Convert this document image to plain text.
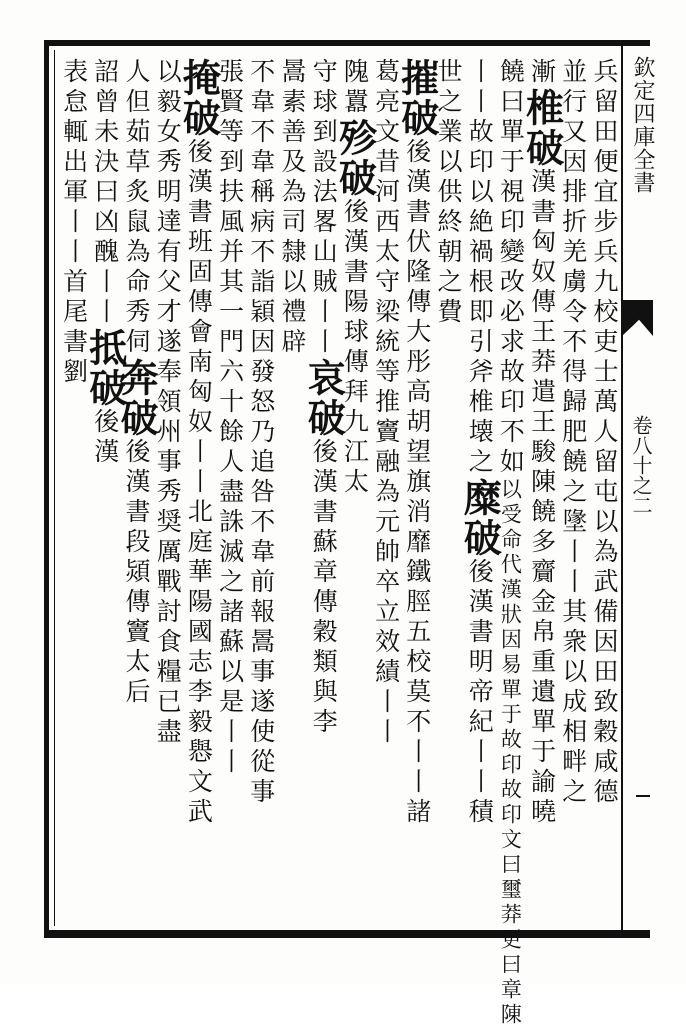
欽定四庫全書
卷八十之二
兵留田便宜步兵九校吏士萬人留屯以為武備因田致穀咸德
並行又因排折羌虜令不得歸肥饒之墬丨丨其衆以成相畔之
漸椎破漢書匈奴傳王莽遣王駿陳饒多齎金帛重遺單于諭曉
饒曰單于視印變改必求故印不如以受命代漢狀因易單于故印故印文曰璽莽更曰章陳
丨丨故印以絶禍根即引斧椎壊之糜破後漢書明帝紀丨丨積
世之業以供終朝之費
摧破後漢書伏隆傳大彤高胡望旗消靡鐵脛五校莫不丨丨諸
葛亮文昔河西太守梁統等推竇融為元帥卒立效績丨丨
隗囂殄破後漢書陽球傳拜九江太
守球到設法畧山賊丨丨哀破後漢書蘇章傳穀類與李
暠素善及為司隸以禮辟
不韋不韋稱病不詣穎因發怒乃追咎不韋前報暠事遂使從事
張賢等到扶風并其一門六十餘人盡誅滅之諸蘇以是丨丨
掩破後漢書班固傳會南匈奴丨丨北庭華陽國志李毅㦛文武
以毅女秀明達有父才遂奉領州事秀奨厲戰討食糧已盡
人但茹草炙鼠為命秀伺奔破後漢書段熲傳竇太后
詔曾未決曰凶醜丨丨抵破後漢
表怠輒出軍丨丨首尾書劉
